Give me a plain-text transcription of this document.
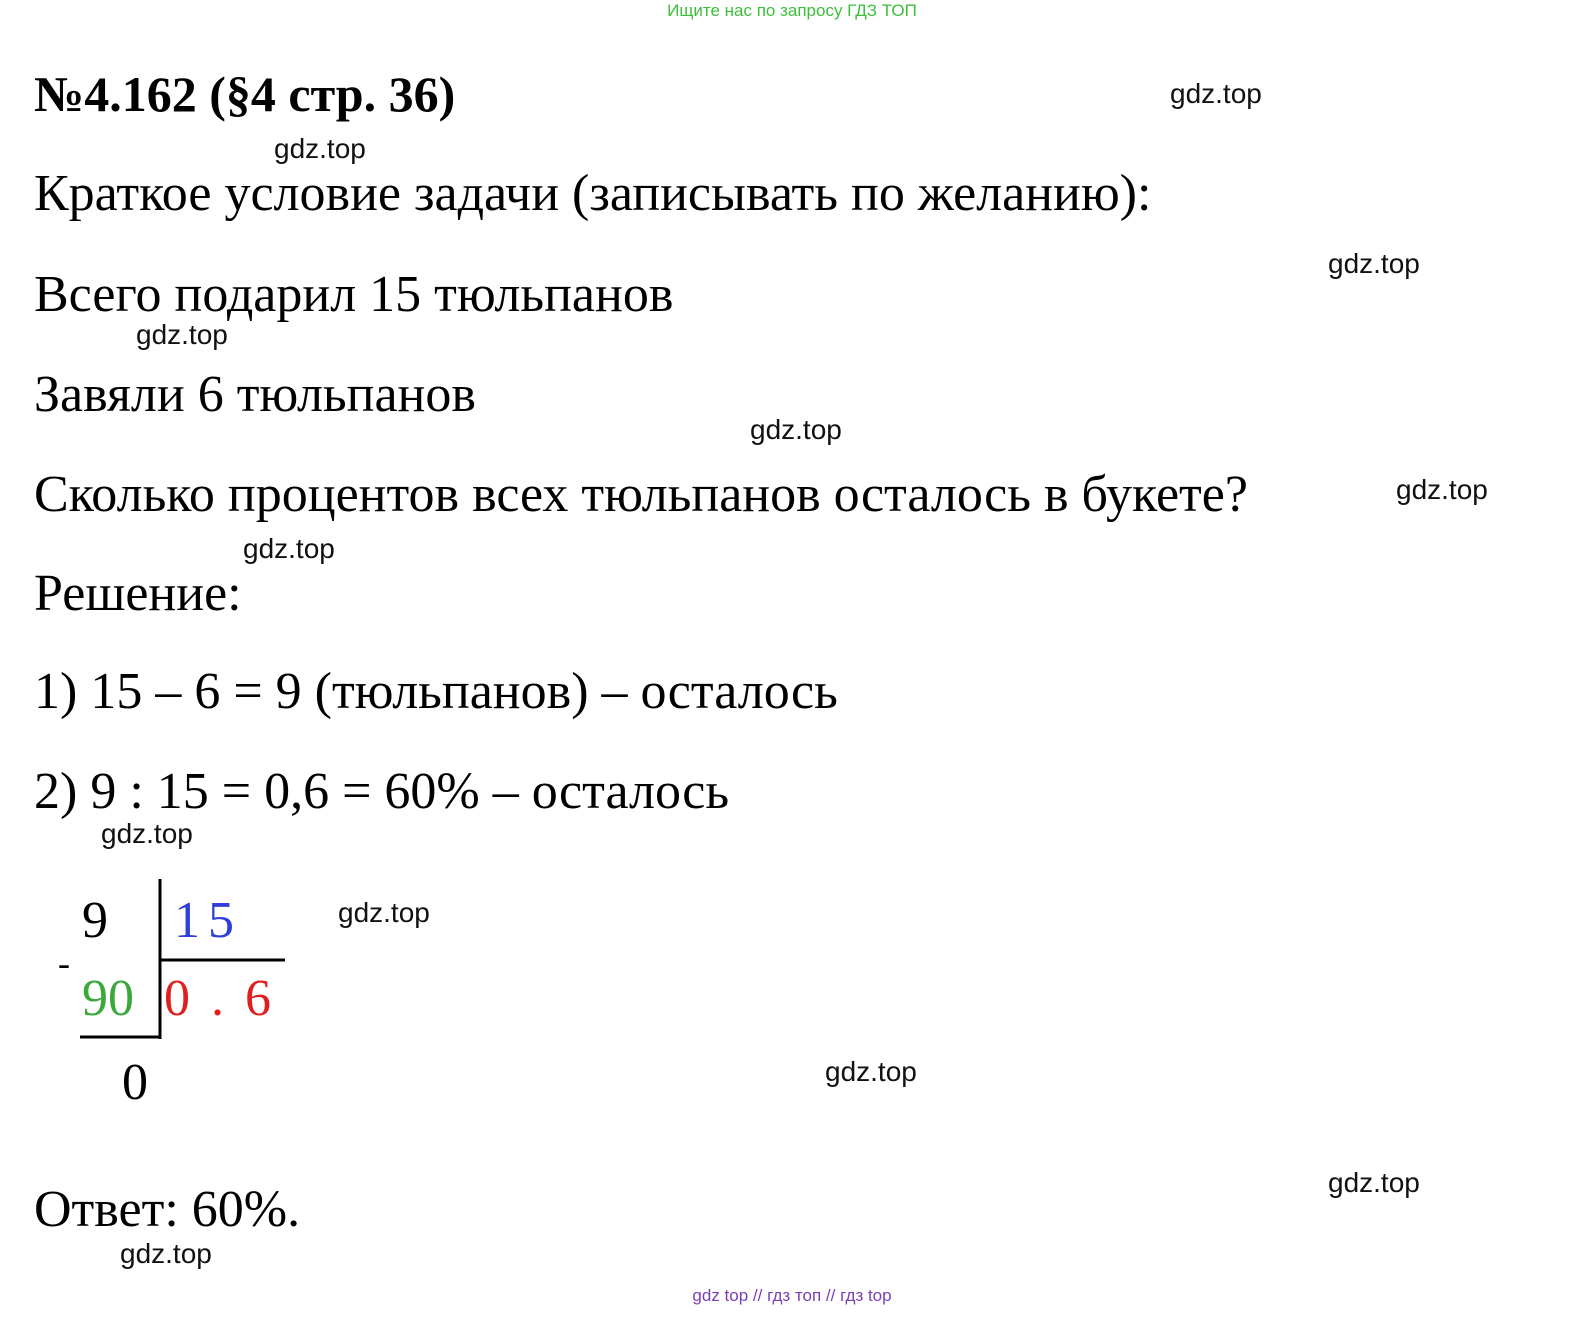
Ищите нас по запросу ГДЗ ТОП
№4.162 (§4 стр. 36)
Краткое условие задачи (записывать по желанию):
Всего подарил 15 тюльпанов
Завяли 6 тюльпанов
Сколько процентов всех тюльпанов осталось в букете?
Решение:
1) 15 – 6 = 9 (тюльпанов) – осталось
2) 9 : 15 = 0,6 = 60% – осталось
9 15
-
90 0 . 6
0
Ответ: 60%.
gdz.top
gdz.top
gdz.top
gdz.top
gdz.top
gdz.top
gdz.top
gdz.top
gdz.top
gdz.top
gdz.top
gdz.top
gdz top // гдз топ // гдз top
